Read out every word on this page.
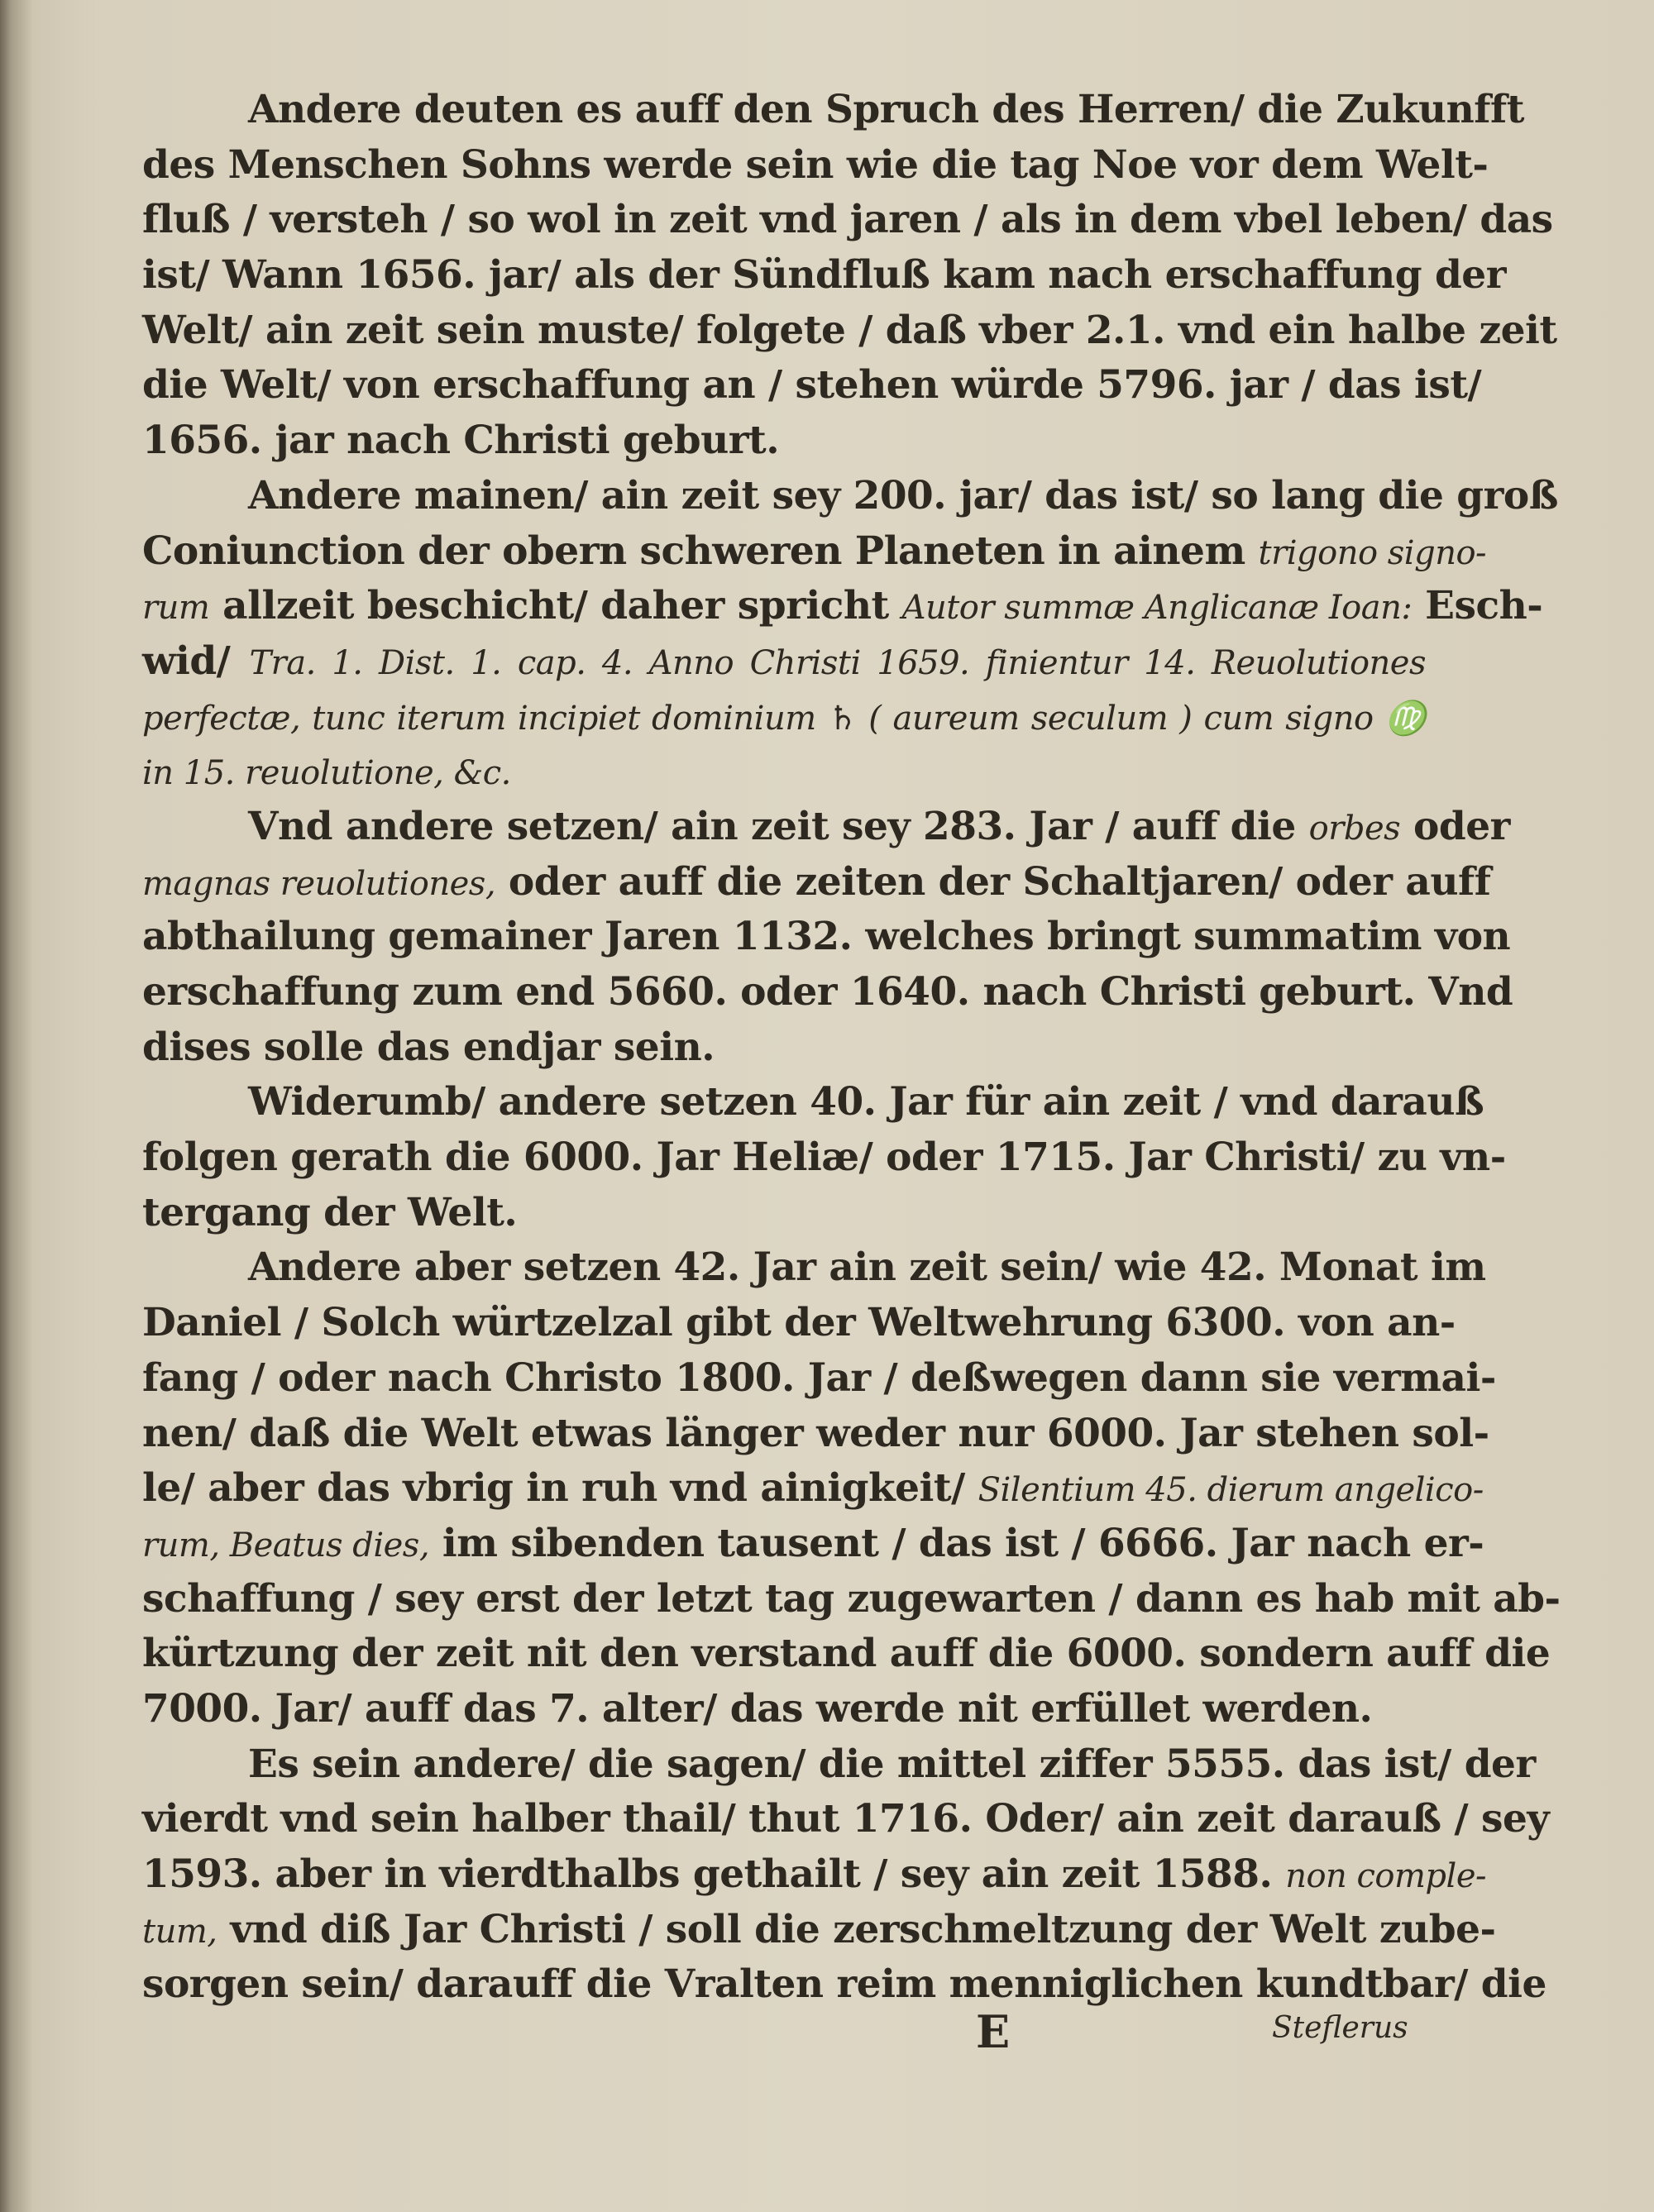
Andere deuten es auff den Spruch des Herren/ die Zukunfft
des Menschen Sohns werde sein wie die tag Noe vor dem Welt-
fluß / versteh / so wol in zeit vnd jaren / als in dem vbel leben/ das
ist/ Wann 1656. jar/ als der Sündfluß kam nach erschaffung der
Welt/ ain zeit sein muste/ folgete / daß vber 2.1. vnd ein halbe zeit
die Welt/ von erschaffung an / stehen würde 5796. jar / das ist/
1656. jar nach Christi geburt.
Andere mainen/ ain zeit sey 200. jar/ das ist/ so lang die groß
Coniunction der obern schweren Planeten in ainem trigono signo-
rum allzeit beschicht/ daher spricht Autor summæ Anglicanæ Ioan: Esch-
wid/ Tra. 1. Dist. 1. cap. 4. Anno Christi 1659. finientur 14. Reuolutiones
perfectæ, tunc iterum incipiet dominium ♄ ( aureum seculum ) cum signo ♍
in 15. reuolutione, &c.
Vnd andere setzen/ ain zeit sey 283. Jar / auff die orbes oder
magnas reuolutiones, oder auff die zeiten der Schaltjaren/ oder auff
abthailung gemainer Jaren 1132. welches bringt summatim von
erschaffung zum end 5660. oder 1640. nach Christi geburt. Vnd
dises solle das endjar sein.
Widerumb/ andere setzen 40. Jar für ain zeit / vnd darauß
folgen gerath die 6000. Jar Heliæ/ oder 1715. Jar Christi/ zu vn-
tergang der Welt.
Andere aber setzen 42. Jar ain zeit sein/ wie 42. Monat im
Daniel / Solch würtzelzal gibt der Weltwehrung 6300. von an-
fang / oder nach Christo 1800. Jar / deßwegen dann sie vermai-
nen/ daß die Welt etwas länger weder nur 6000. Jar stehen sol-
le/ aber das vbrig in ruh vnd ainigkeit/ Silentium 45. dierum angelico-
rum, Beatus dies, im sibenden tausent / das ist / 6666. Jar nach er-
schaffung / sey erst der letzt tag zugewarten / dann es hab mit ab-
kürtzung der zeit nit den verstand auff die 6000. sondern auff die
7000. Jar/ auff das 7. alter/ das werde nit erfüllet werden.
Es sein andere/ die sagen/ die mittel ziffer 5555. das ist/ der
vierdt vnd sein halber thail/ thut 1716. Oder/ ain zeit darauß / sey
1593. aber in vierdthalbs gethailt / sey ain zeit 1588. non comple-
tum, vnd diß Jar Christi / soll die zerschmeltzung der Welt zube-
sorgen sein/ darauff die Vralten reim menniglichen kundtbar/ die
E	Steflerus
